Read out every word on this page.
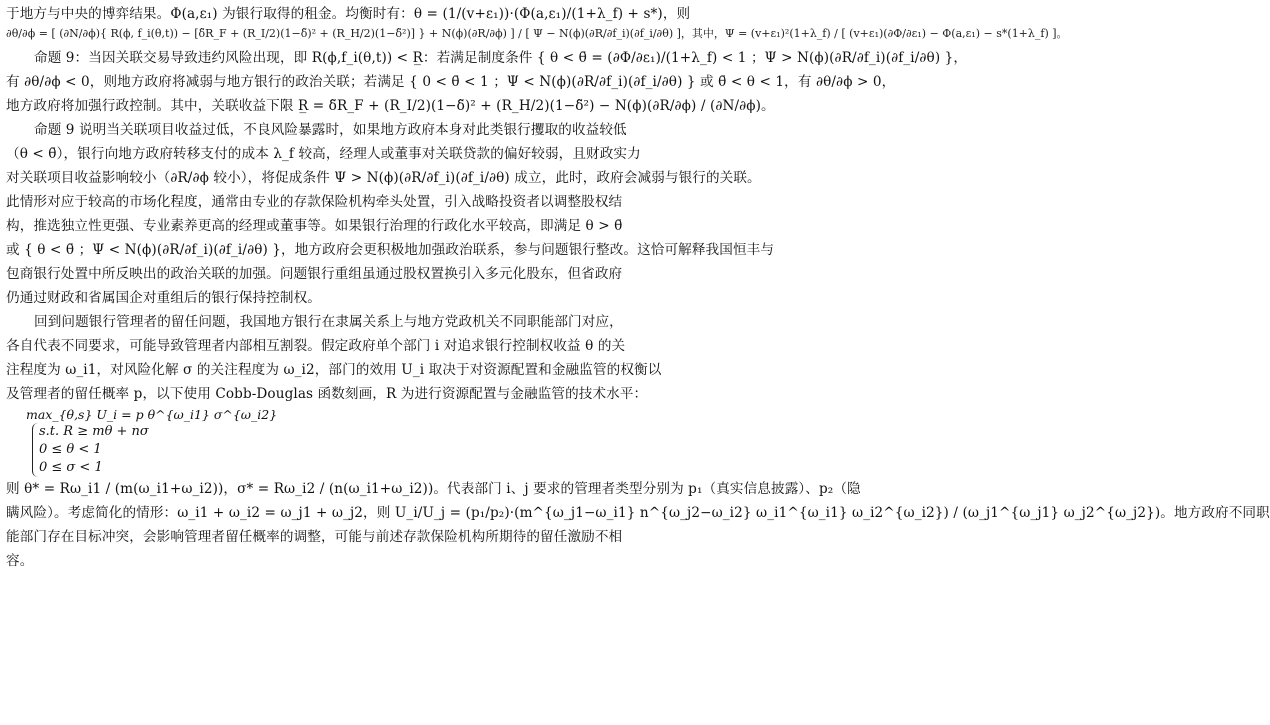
于地方与中央的博弈结果。Φ(a,ε₁) 为银行取得的租金。均衡时有：θ = (1/(v+ε₁))·(Φ(a,ε₁)/(1+λ_f) + s*)，则
∂θ/∂ϕ = [ (∂N/∂ϕ){ R(ϕ, f_i(θ,t)) − [δ̃R_F + (R_I/2)(1−δ̃)² + (R_H/2)(1−δ̃²)] } + N(ϕ)(∂R/∂ϕ) ] / [ Ψ − N(ϕ)(∂R/∂f_i)(∂f_i/∂θ) ]，其中，Ψ = (v+ε₁)²(1+λ_f) / [ (v+ε₁)(∂Φ/∂ε₁) − Φ(a,ε₁) − s*(1+λ_f) ]。
命题 9：当因关联交易导致违约风险出现，即 R(ϕ,f_i(θ,t)) < R̲：若满足制度条件 { θ < θ̄ = (∂Φ/∂ε₁)/(1+λ_f) < 1 ；Ψ > N(ϕ)(∂R/∂f_i)(∂f_i/∂θ) }，
有 ∂θ/∂ϕ < 0，则地方政府将减弱与地方银行的政治关联；若满足 { 0 < θ̄ < 1 ；Ψ < N(ϕ)(∂R/∂f_i)(∂f_i/∂θ) } 或 θ̄ < θ < 1，有 ∂θ/∂ϕ > 0，
地方政府将加强行政控制。其中，关联收益下限 R̲ = δ̃R_F + (R_I/2)(1−δ̃)² + (R_H/2)(1−δ̃²) − N(ϕ)(∂R/∂ϕ) / (∂N/∂ϕ)。
命题 9 说明当关联项目收益过低，不良风险暴露时，如果地方政府本身对此类银行攫取的收益较低
（θ < θ̄），银行向地方政府转移支付的成本 λ_f 较高，经理人或董事对关联贷款的偏好较弱，且财政实力
对关联项目收益影响较小（∂R/∂ϕ 较小），将促成条件 Ψ > N(ϕ)(∂R/∂f_i)(∂f_i/∂θ) 成立，此时，政府会减弱与银行的关联。
此情形对应于较高的市场化程度，通常由专业的存款保险机构牵头处置，引入战略投资者以调整股权结
构，推选独立性更强、专业素养更高的经理或董事等。如果银行治理的行政化水平较高，即满足 θ > θ̄
或 { θ < θ̄ ；Ψ < N(ϕ)(∂R/∂f_i)(∂f_i/∂θ) }，地方政府会更积极地加强政治联系，参与问题银行整改。这恰可解释我国恒丰与
包商银行处置中所反映出的政治关联的加强。问题银行重组虽通过股权置换引入多元化股东，但省政府
仍通过财政和省属国企对重组后的银行保持控制权。
回到问题银行管理者的留任问题，我国地方银行在隶属关系上与地方党政机关不同职能部门对应，
各自代表不同要求，可能导致管理者内部相互割裂。假定政府单个部门 i 对追求银行控制权收益 θ 的关
注程度为 ω_i1，对风险化解 σ 的关注程度为 ω_i2，部门的效用 U_i 取决于对资源配置和金融监管的权衡以
及管理者的留任概率 p，以下使用 Cobb-Douglas 函数刻画，R 为进行资源配置与金融监管的技术水平：
max_{θ,s} U_i = p θ^{ω_i1} σ^{ω_i2}
s.t. R ≥ mθ + nσ
0 ≤ θ < 1
0 ≤ σ < 1
则 θ* = Rω_i1 / (m(ω_i1+ω_i2))，σ* = Rω_i2 / (n(ω_i1+ω_i2))。代表部门 i、j 要求的管理者类型分别为 p₁（真实信息披露）、p₂（隐
瞒风险）。考虑简化的情形：ω_i1 + ω_i2 = ω_j1 + ω_j2，则 U_i/U_j = (p₁/p₂)·(m^{ω_j1−ω_i1} n^{ω_j2−ω_i2} ω_i1^{ω_i1} ω_i2^{ω_i2}) / (ω_j1^{ω_j1} ω_j2^{ω_j2})。地方政府不同职
能部门存在目标冲突，会影响管理者留任概率的调整，可能与前述存款保险机构所期待的留任激励不相
容。
